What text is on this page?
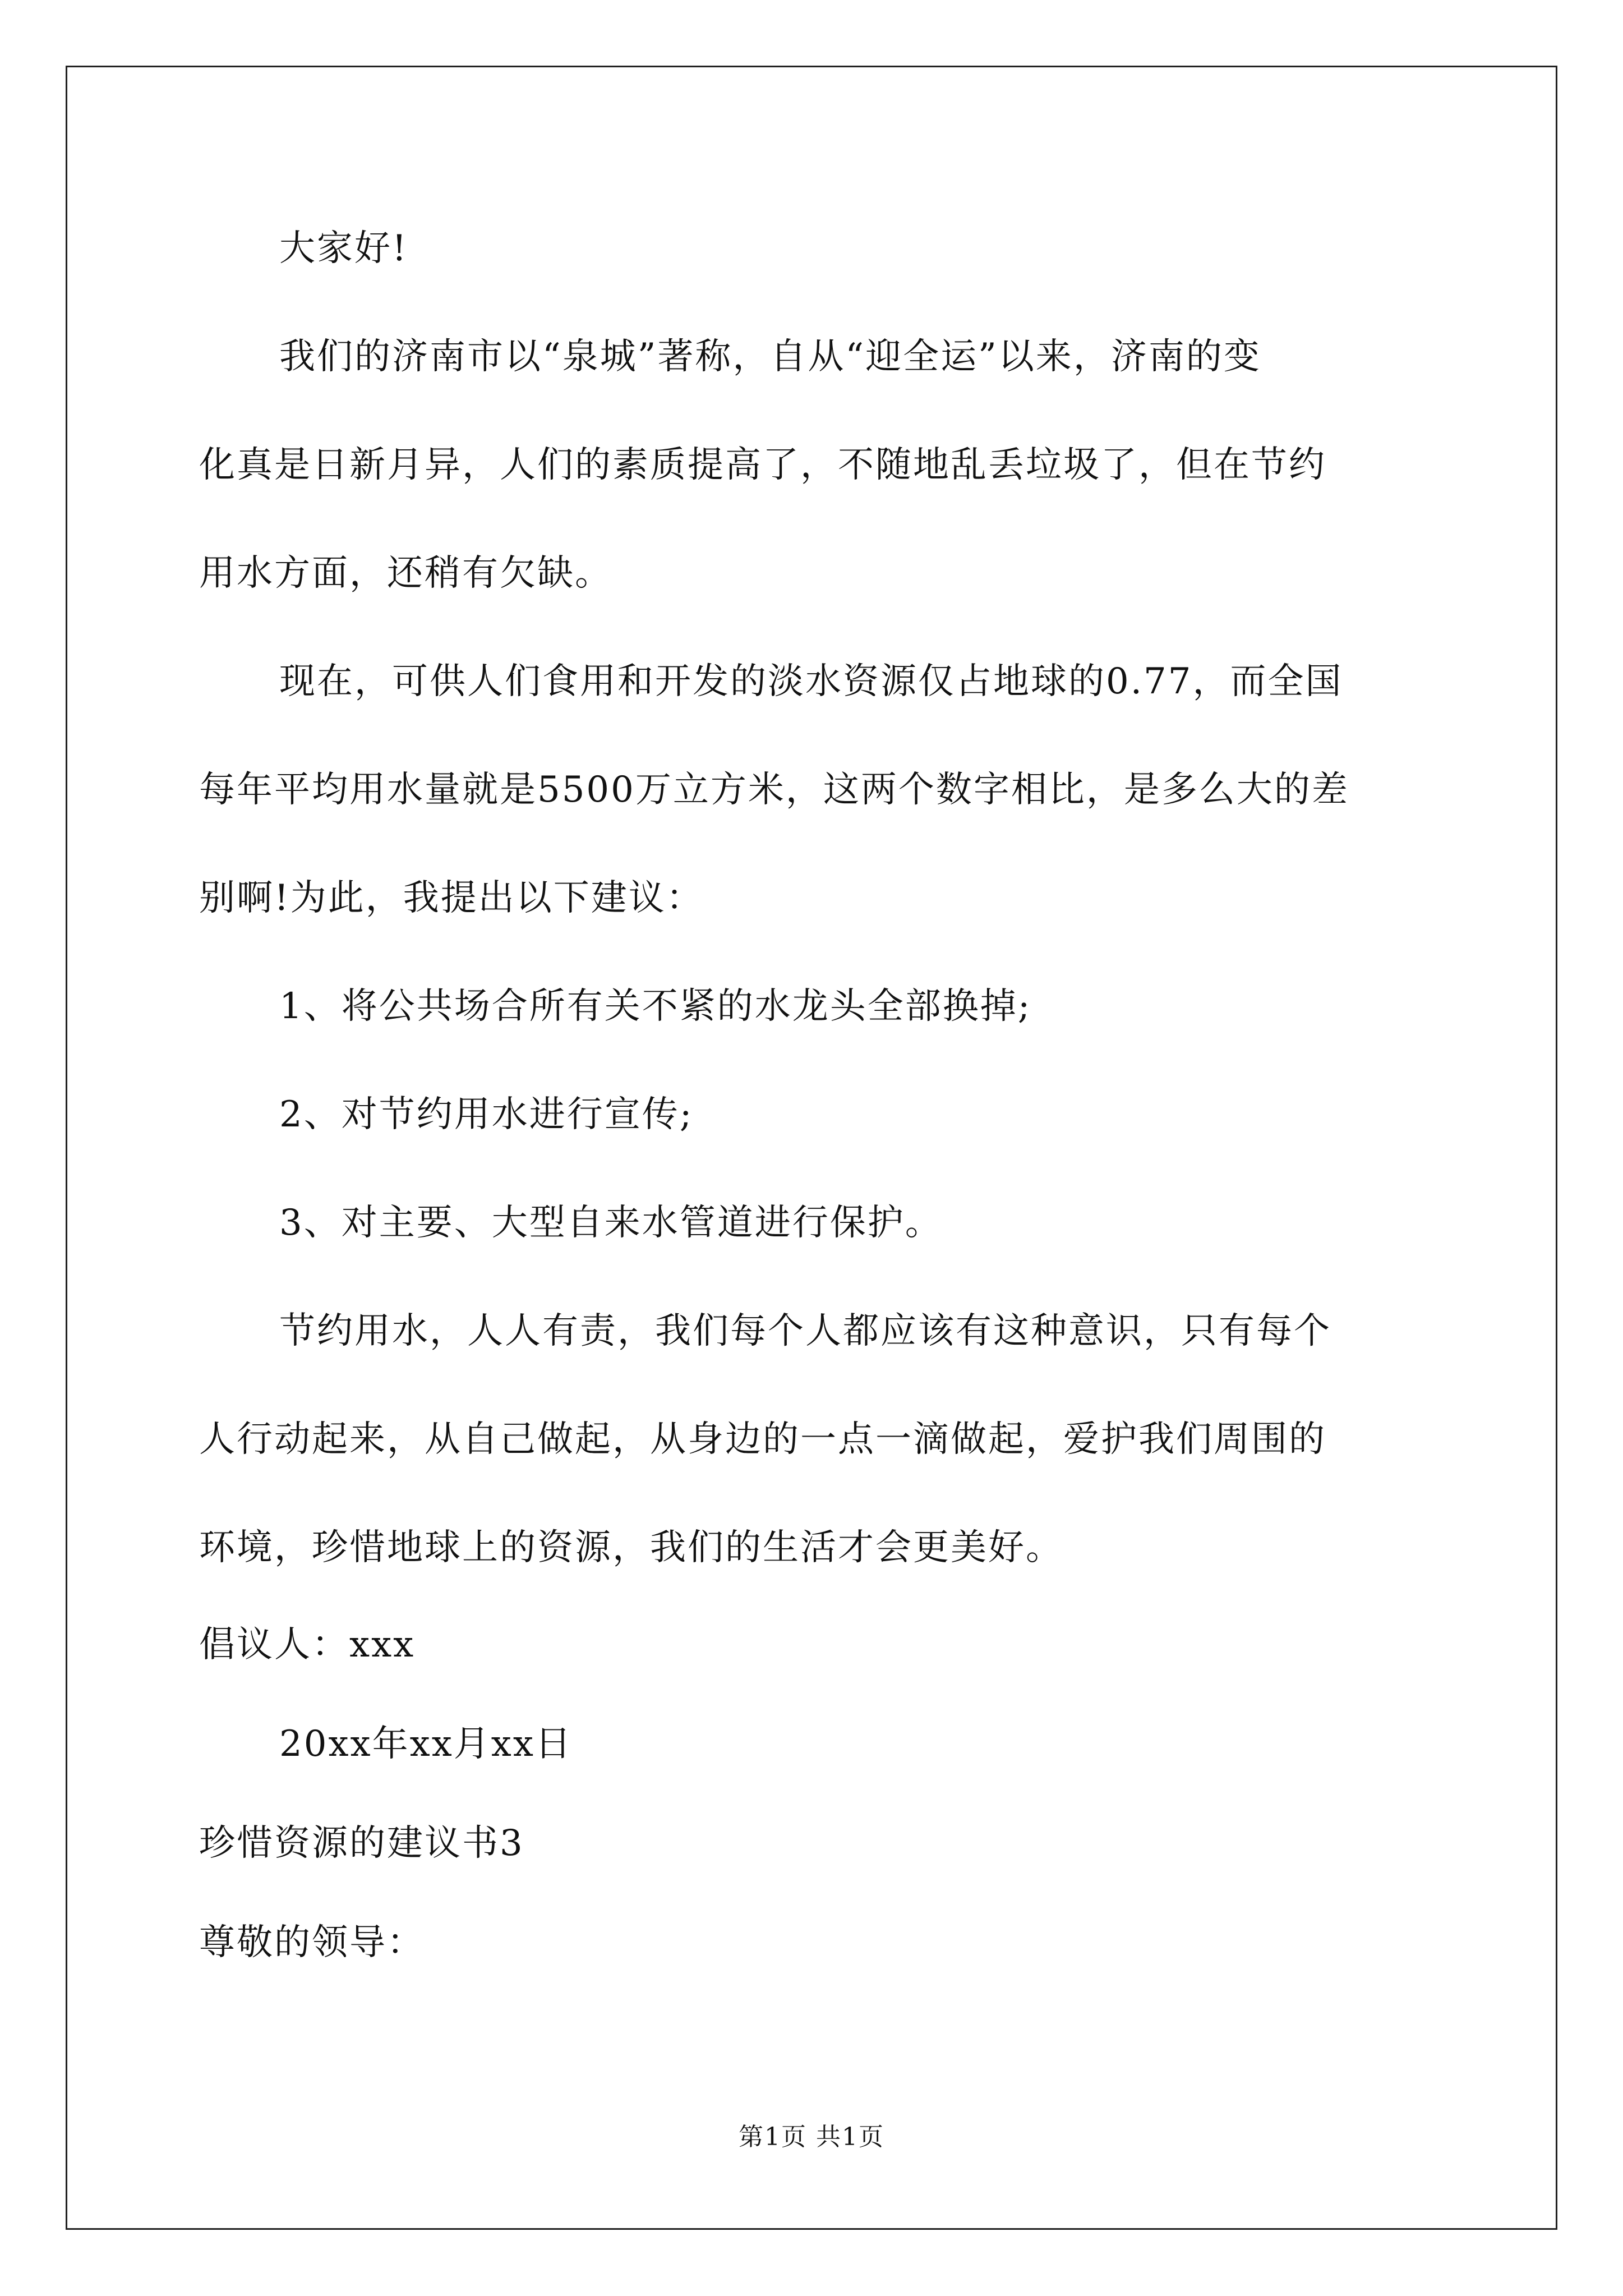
大家好!
我们的济南市以“泉城”著称，自从“迎全运”以来，济南的变
化真是日新月异，人们的素质提高了，不随地乱丢垃圾了，但在节约
用水方面，还稍有欠缺。
现在，可供人们食用和开发的淡水资源仅占地球的0.77，而全国
每年平均用水量就是5500万立方米，这两个数字相比，是多么大的差
别啊!为此，我提出以下建议：
1、将公共场合所有关不紧的水龙头全部换掉;
2、对节约用水进行宣传;
3、对主要、大型自来水管道进行保护。
节约用水，人人有责，我们每个人都应该有这种意识，只有每个
人行动起来，从自己做起，从身边的一点一滴做起，爱护我们周围的
环境，珍惜地球上的资源，我们的生活才会更美好。
倡议人：xxx
20xx年xx月xx日
珍惜资源的建议书3
尊敬的领导：
第1页 共1页
